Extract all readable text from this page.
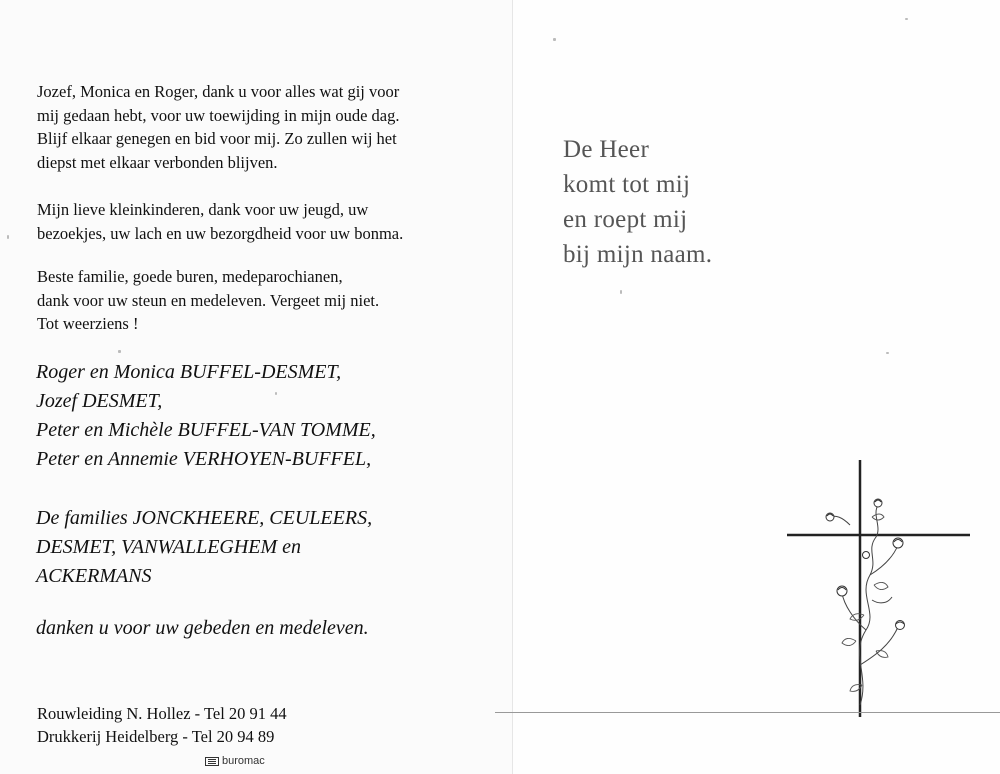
Jozef, Monica en Roger, dank u voor alles wat gij voor
mij gedaan hebt, voor uw toewijding in mijn oude dag.
Blijf elkaar genegen en bid voor mij. Zo zullen wij het
diepst met elkaar verbonden blijven.

Mijn lieve kleinkinderen, dank voor uw jeugd, uw
bezoekjes, uw lach en uw bezorgdheid voor uw bonma.

Beste familie, goede buren, medeparochianen,
dank voor uw steun en medeleven. Vergeet mij niet.
Tot weerziens !

Roger en Monica BUFFEL-DESMET,
Jozef DESMET,
Peter en Michèle BUFFEL-VAN TOMME,
Peter en Annemie VERHOYEN-BUFFEL,

De families JONCKHEERE, CEULEERS,
DESMET, VANWALLEGHEM en
ACKERMANS

danken u voor uw gebeden en medeleven.

Rouwleiding N. Hollez - Tel 20 91 44
Drukkerij Heidelberg - Tel 20 94 89

buromac

De Heer
komt tot mij
en roept mij
bij mijn naam.
